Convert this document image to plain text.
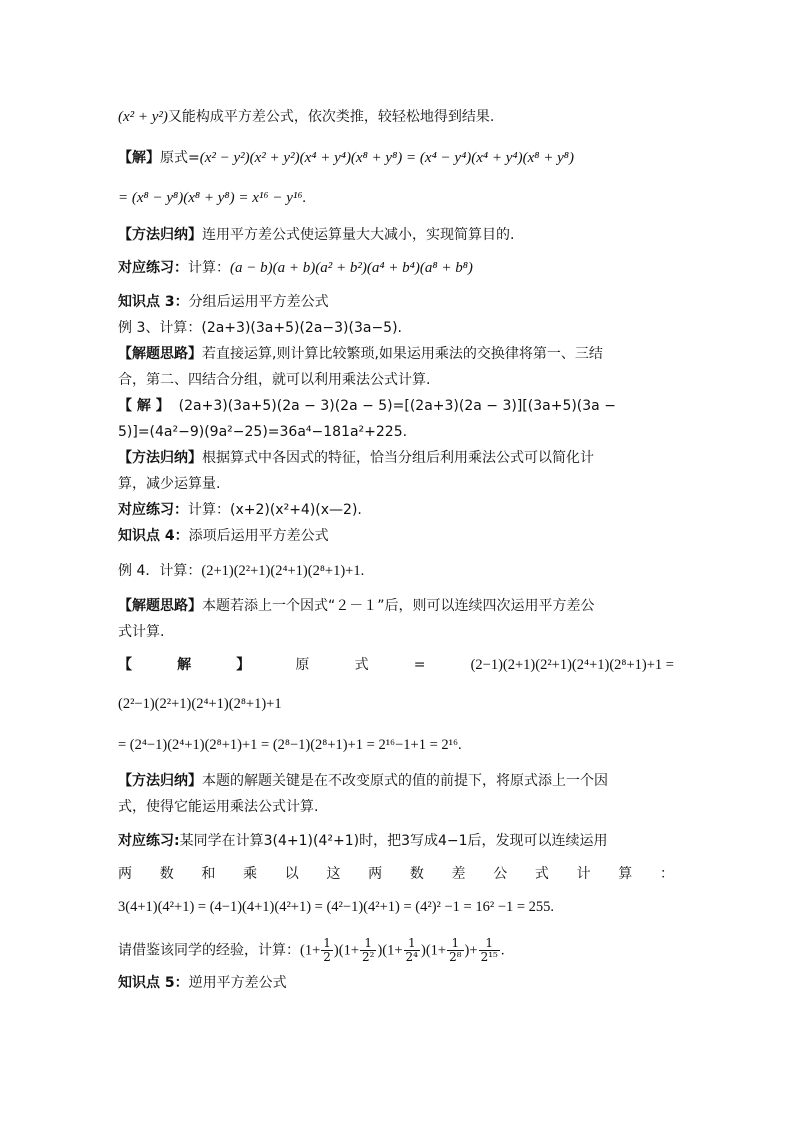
(x² + y²)又能构成平方差公式，依次类推，较轻松地得到结果.
【解】原式=(x² − y²)(x² + y²)(x⁴ + y⁴)(x⁸ + y⁸) = (x⁴ − y⁴)(x⁴ + y⁴)(x⁸ + y⁸)
= (x⁸ − y⁸)(x⁸ + y⁸) = x¹⁶ − y¹⁶.
【方法归纳】连用平方差公式使运算量大大减小，实现简算目的.
对应练习：计算：(a − b)(a + b)(a² + b²)(a⁴ + b⁴)(a⁸ + b⁸)
知识点 3：分组后运用平方差公式
例 3、计算：(2a+3)(3a+5)(2a−3)(3a−5).
【解题思路】若直接运算,则计算比较繁琐,如果运用乘法的交换律将第一、三结
合，第二、四结合分组，就可以利用乘法公式计算.
【 解 】 (2a+3)(3a+5)(2a − 3)(2a − 5)=[(2a+3)(2a − 3)][(3a+5)(3a −
5)]=(4a²−9)(9a²−25)=36a⁴−181a²+225.
【方法归纳】根据算式中各因式的特征，恰当分组后利用乘法公式可以简化计
算，减少运算量.
对应练习：计算：(x+2)(x²+4)(x—2).
知识点 4：添项后运用平方差公式
例 4．计算：(2+1)(2²+1)(2⁴+1)(2⁸+1)+1.
【解题思路】本题若添上一个因式“２－１”后，则可以连续四次运用平方差公
式计算.
【	解	】	原	式	=	(2−1)(2+1)(2²+1)(2⁴+1)(2⁸+1)+1 =
(2²−1)(2²+1)(2⁴+1)(2⁸+1)+1
= (2⁴−1)(2⁴+1)(2⁸+1)+1 = (2⁸−1)(2⁸+1)+1 = 2¹⁶−1+1 = 2¹⁶.
【方法归纳】本题的解题关键是在不改变原式的值的前提下，将原式添上一个因
式，使得它能运用乘法公式计算.
对应练习:某同学在计算3(4+1)(4²+1)时，把3写成4−1后，发现可以连续运用
两 数 和 乘 以 这 两 数 差 公 式 计 算 ：
3(4+1)(4²+1) = (4−1)(4+1)(4²+1) = (4²−1)(4²+1) = (4²)² −1 = 16² −1 = 255.
请借鉴该同学的经验，计算：$(1+ \frac{1}{2} )(1+ \frac{1}{\text{2²}} )(1+ \frac{1}{\text{2⁴}} )(1+ \frac{1}{\text{2⁸}}$ )+ $\frac{1}{\text{2¹⁵}}$ .
知识点 5：逆用平方差公式
